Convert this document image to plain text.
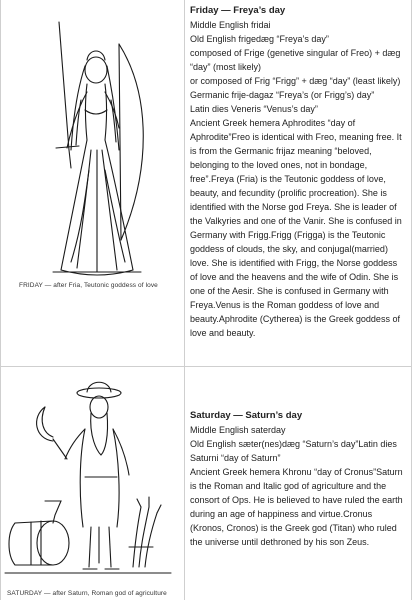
FRIDAY — after Fria, Teutonic goddess of love

Friday — Freya’s day

Middle English fridai

Old English frigedæg “Freya’s day”

composed of Frige (genetive singular of Freo) + dæg “day” (most likely)

or composed of Frig “Frigg” + dæg “day” (least likely)

Germanic frije-dagaz “Freya’s (or Frigg’s) day”

Latin dies Veneris “Venus’s day”

Ancient Greek hemera Aphrodites “day of Aphrodite”Freo is identical with Freo, meaning free. It is from the Germanic frijaz meaning “beloved, belonging to the loved ones, not in bondage, free”.Freya (Fria) is the Teutonic goddess of love, beauty, and fecundity (prolific procreation). She is identified with the Norse god Freya. She is leader of the Valkyries and one of the Vanir. She is confused in Germany with Frigg.Frigg (Frigga) is the Teutonic goddess of clouds, the sky, and conjugal(married) love. She is identified with Frigg, the Norse goddess of love and the heavens and the wife of Odin. She is one of the Aesir. She is confused in Germany with Freya.Venus is the Roman goddess of love and beauty.Aphrodite (Cytherea) is the Greek goddess of love and beauty.

SATURDAY — after Saturn, Roman god of agriculture

Saturday — Saturn’s day

Middle English saterday

Old English sæter(nes)dæg “Saturn’s day”Latin dies Saturni “day of Saturn”

Ancient Greek hemera Khronu “day of Cronus”Saturn is the Roman and Italic god of agriculture and the consort of Ops. He is believed to have ruled the earth during an age of happiness and virtue.Cronus (Kronos, Cronos) is the Greek god (Titan) who ruled the universe until dethroned by his son Zeus.
